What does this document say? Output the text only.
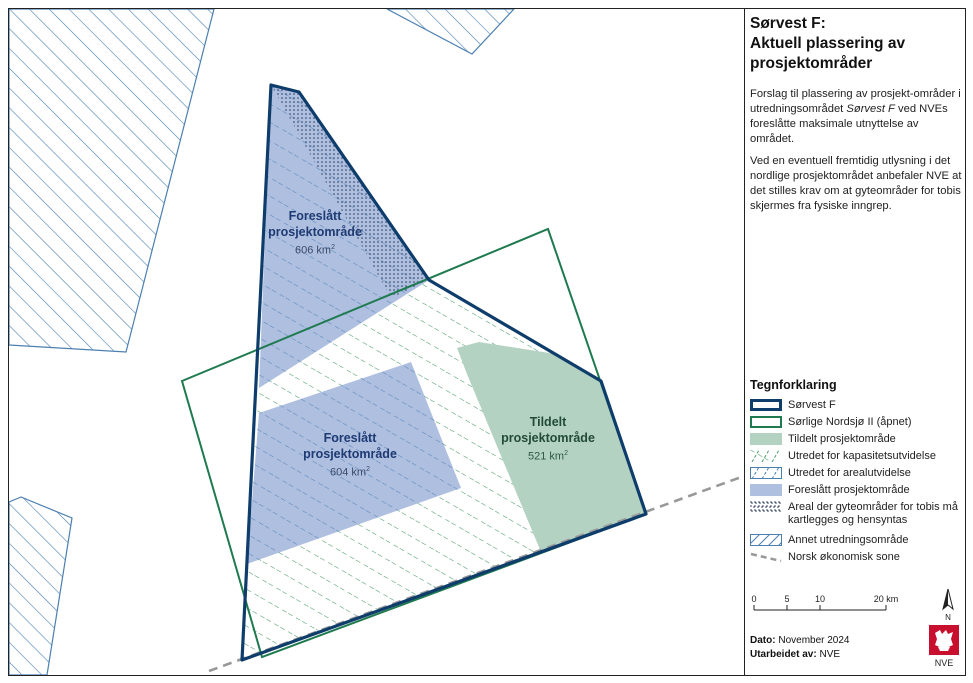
Foreslått
prosjektområde
606 $km^2$
Foreslått
prosjektområde
604 $km^2$
Tildelt
prosjektområde
521 $km^2$
Sørvest F:
Aktuell plassering av
prosjektområder

Forslag til plassering av prosjekt-områder i utredningsområdet Sørvest F ved NVEs foreslåtte maksimale utnyttelse av området.

Ved en eventuell fremtidig utlysning i det nordlige prosjektområdet anbefaler NVE at det stilles krav om at gyteområder for tobis skjermes fra fysiske inngrep.

Tegnforklaring
Sørvest F
Sørlige Nordsjø II (åpnet)
Tildelt prosjektområde
Utredet for kapasitetsutvidelse
Utredet for arealutvidelse
Foreslått prosjektområde
Areal der gyteområder for tobis må kartlegges og hensyntas
Annet utredningsområde
Norsk økonomisk sone
0	5	10	20 km
N
Dato: November 2024
Utarbeidet av: NVE
NVE
